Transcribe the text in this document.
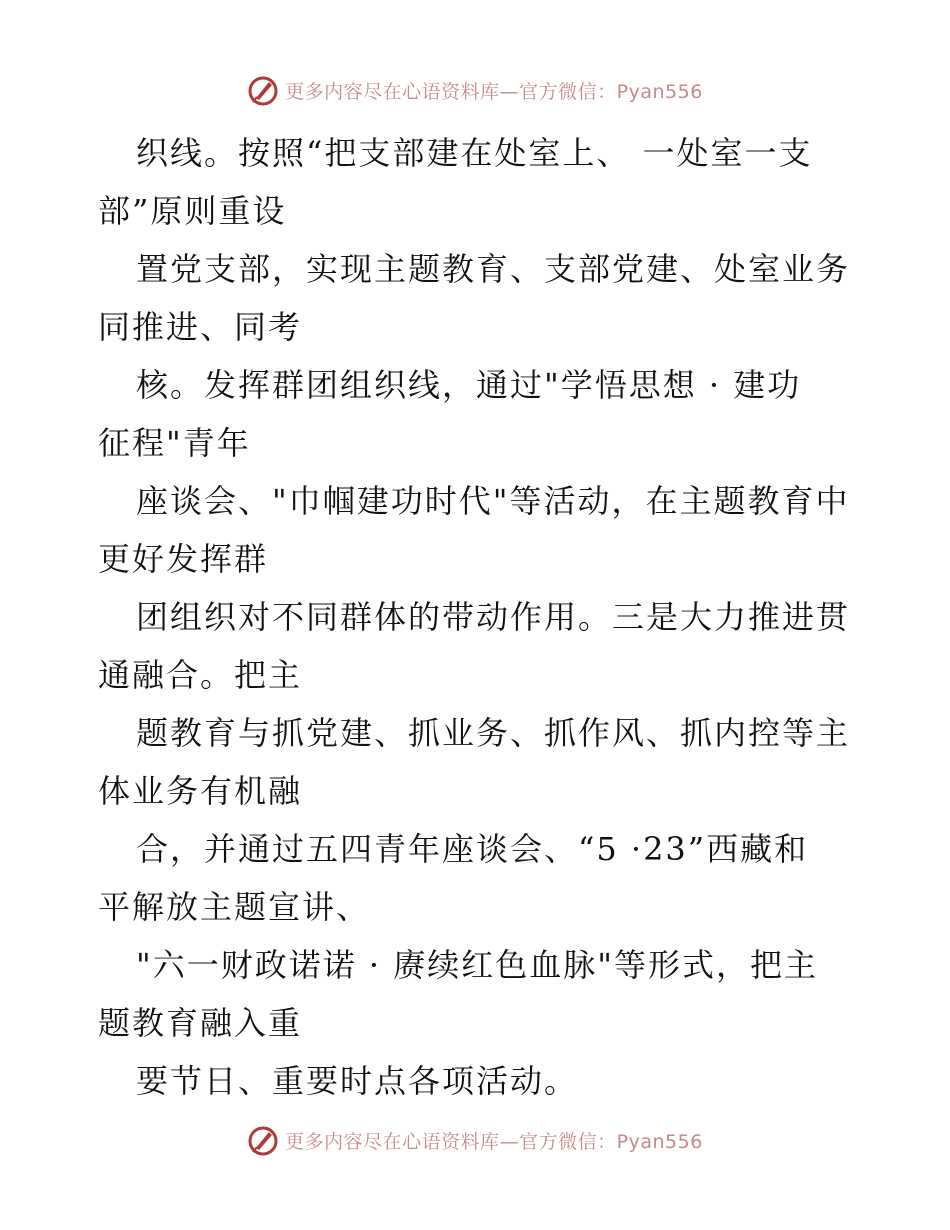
更多内容尽在心语资料库—官方微信：Pyan556
织线。按照“把支部建在处室上、 一处室一支
部”原则重设
置党支部，实现主题教育、支部党建、处室业务
同推进、同考
核。发挥群团组织线，通过"学悟思想 · 建功
征程"青年
座谈会、"巾帼建功时代"等活动，在主题教育中
更好发挥群
团组织对不同群体的带动作用。三是大力推进贯
通融合。把主
题教育与抓党建、抓业务、抓作风、抓内控等主
体业务有机融
合，并通过五四青年座谈会、“5 ·23”西藏和
平解放主题宣讲、
"六一财政诺诺 · 赓续红色血脉"等形式，把主
题教育融入重
要节日、重要时点各项活动。
更多内容尽在心语资料库—官方微信：Pyan556
